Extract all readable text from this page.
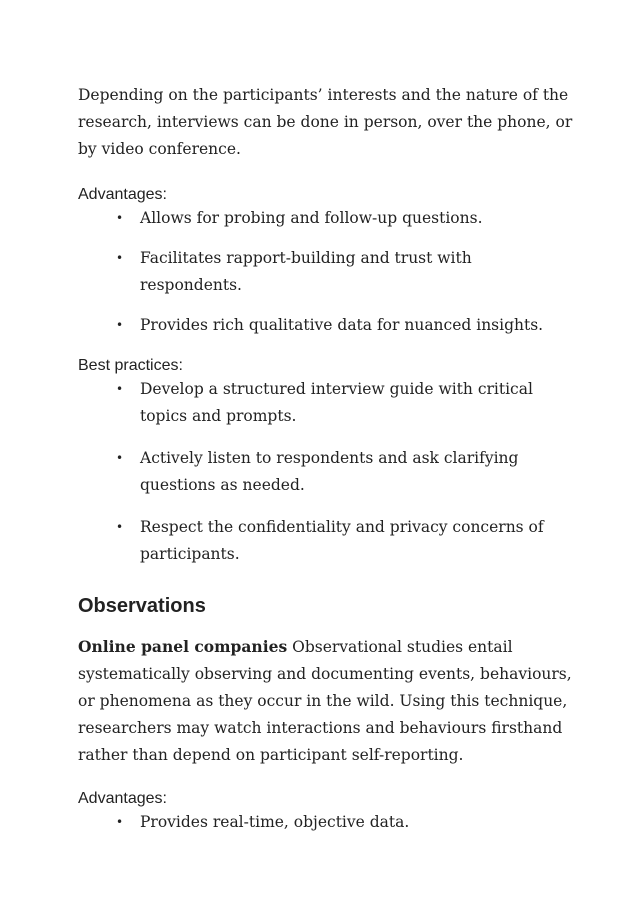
Depending on the participants’ interests and the nature of the research, interviews can be done in person, over the phone, or by video conference.

Advantages:

• Allows for probing and follow-up questions.
• Facilitates rapport-building and trust with respondents.
• Provides rich qualitative data for nuanced insights.

Best practices:

• Develop a structured interview guide with critical topics and prompts.
• Actively listen to respondents and ask clarifying questions as needed.
• Respect the confidentiality and privacy concerns of participants.
Observations

Online panel companies Observational studies entail systematically observing and documenting events, behaviours, or phenomena as they occur in the wild. Using this technique, researchers may watch interactions and behaviours firsthand rather than depend on participant self-reporting.

Advantages:

• Provides real-time, objective data.
